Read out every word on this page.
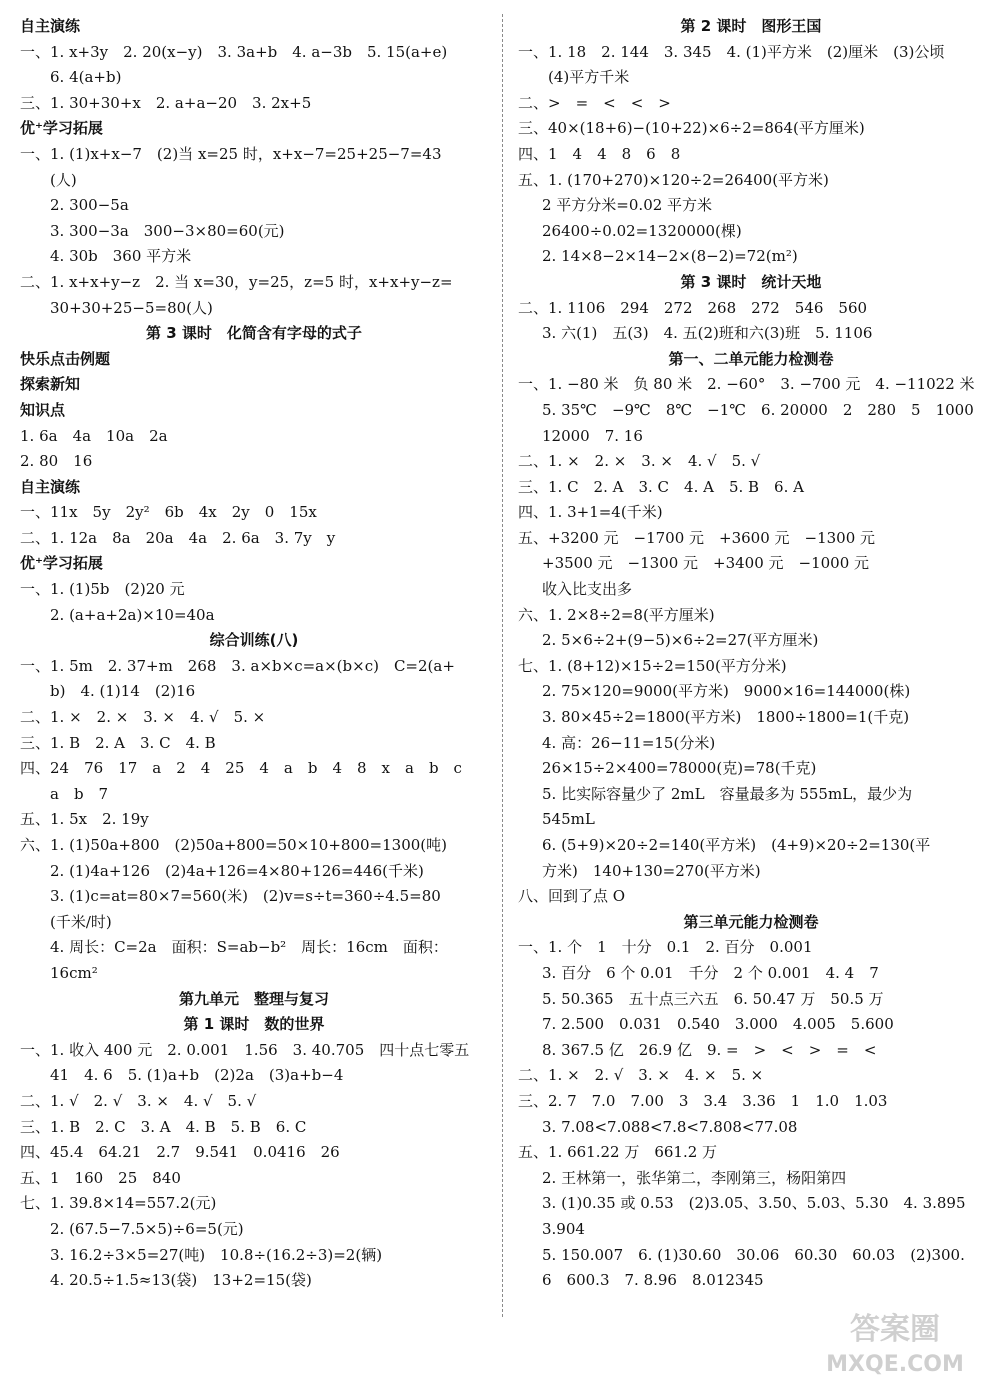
自主演练
一、1. x+3y　2. 20(x−y)　3. 3a+b　4. a−3b　5. 15(a+e)
6. 4(a+b)
三、1. 30+30+x　2. a+a−20　3. 2x+5
优⁺学习拓展
一、1. (1)x+x−7　(2)当 x=25 时，x+x−7=25+25−7=43
(人)
2. 300−5a
3. 300−3a　300−3×80=60(元)
4. 30b　360 平方米
二、1. x+x+y−z　2. 当 x=30，y=25，z=5 时，x+x+y−z=
30+30+25−5=80(人)
第 3 课时　化简含有字母的式子
快乐点击例题
探索新知
知识点
1. 6a　4a　10a　2a
2. 80　16
自主演练
一、11x　5y　2y²　6b　4x　2y　0　15x
二、1. 12a　8a　20a　4a　2. 6a　3. 7y　y
优⁺学习拓展
一、1. (1)5b　(2)20 元
2. (a+a+2a)×10=40a
综合训练(八)
一、1. 5m　2. 37+m　268　3. a×b×c=a×(b×c)　C=2(a+
b)　4. (1)14　(2)16
二、1. ×　2. ×　3. ×　4. √　5. ×
三、1. B　2. A　3. C　4. B
四、24　76　17　a　2　4　25　4　a　b　4　8　x　a　b　c
a　b　7
五、1. 5x　2. 19y
六、1. (1)50a+800　(2)50a+800=50×10+800=1300(吨)
2. (1)4a+126　(2)4a+126=4×80+126=446(千米)
3. (1)c=at=80×7=560(米)　(2)v=s÷t=360÷4.5=80
(千米/时)
4. 周长：C=2a　面积：S=ab−b²　周长：16cm　面积：
16cm²
第九单元　整理与复习
第 1 课时　数的世界
一、1. 收入 400 元　2. 0.001　1.56　3. 40.705　四十点七零五
41　4. 6　5. (1)a+b　(2)2a　(3)a+b−4
二、1. √　2. √　3. ×　4. √　5. √
三、1. B　2. C　3. A　4. B　5. B　6. C
四、45.4　64.21　2.7　9.541　0.0416　26
五、1　160　25　840
七、1. 39.8×14=557.2(元)
2. (67.5−7.5×5)÷6=5(元)
3. 16.2÷3×5=27(吨)　10.8÷(16.2÷3)=2(辆)
4. 20.5÷1.5≈13(袋)　13+2=15(袋)
第 2 课时　图形王国
一、1. 18　2. 144　3. 345　4. (1)平方米　(2)厘米　(3)公顷
(4)平方千米
二、>　=　<　<　>
三、40×(18+6)−(10+22)×6÷2=864(平方厘米)
四、1　4　4　8　6　8
五、1. (170+270)×120÷2=26400(平方米)
2 平方分米=0.02 平方米
26400÷0.02=1320000(棵)
2. 14×8−2×14−2×(8−2)=72(m²)
第 3 课时　统计天地
二、1. 1106　294　272　268　272　546　560
3. 六(1)　五(3)　4. 五(2)班和六(3)班　5. 1106
第一、二单元能力检测卷
一、1. −80 米　负 80 米　2. −60°　3. −700 元　4. −11022 米
5. 35℃　−9℃　8℃　−1℃　6. 20000　2　280　5　1000
12000　7. 16
二、1. ×　2. ×　3. ×　4. √　5. √
三、1. C　2. A　3. C　4. A　5. B　6. A
四、1. 3+1=4(千米)
五、+3200 元　−1700 元　+3600 元　−1300 元
+3500 元　−1300 元　+3400 元　−1000 元
收入比支出多
六、1. 2×8÷2=8(平方厘米)
2. 5×6÷2+(9−5)×6÷2=27(平方厘米)
七、1. (8+12)×15÷2=150(平方分米)
2. 75×120=9000(平方米)　9000×16=144000(株)
3. 80×45÷2=1800(平方米)　1800÷1800=1(千克)
4. 高：26−11=15(分米)
26×15÷2×400=78000(克)=78(千克)
5. 比实际容量少了 2mL　容量最多为 555mL，最少为
545mL
6. (5+9)×20÷2=140(平方米)　(4+9)×20÷2=130(平
方米)　140+130=270(平方米)
八、回到了点 O
第三单元能力检测卷
一、1. 个　1　十分　0.1　2. 百分　0.001
3. 百分　6 个 0.01　千分　2 个 0.001　4. 4　7
5. 50.365　五十点三六五　6. 50.47 万　50.5 万
7. 2.500　0.031　0.540　3.000　4.005　5.600
8. 367.5 亿　26.9 亿　9. =　>　<　>　=　<
二、1. ×　2. √　3. ×　4. ×　5. ×
三、2. 7　7.0　7.00　3　3.4　3.36　1　1.0　1.03
3. 7.08<7.088<7.8<7.808<77.08
五、1. 661.22 万　661.2 万
2. 王林第一，张华第二，李刚第三，杨阳第四
3. (1)0.35 或 0.53　(2)3.05、3.50、5.03、5.30　4. 3.895
3.904
5. 150.007　6. (1)30.60　30.06　60.30　60.03　(2)300.
6　600.3　7. 8.96　8.012345
答案圈
MXQE.COM
